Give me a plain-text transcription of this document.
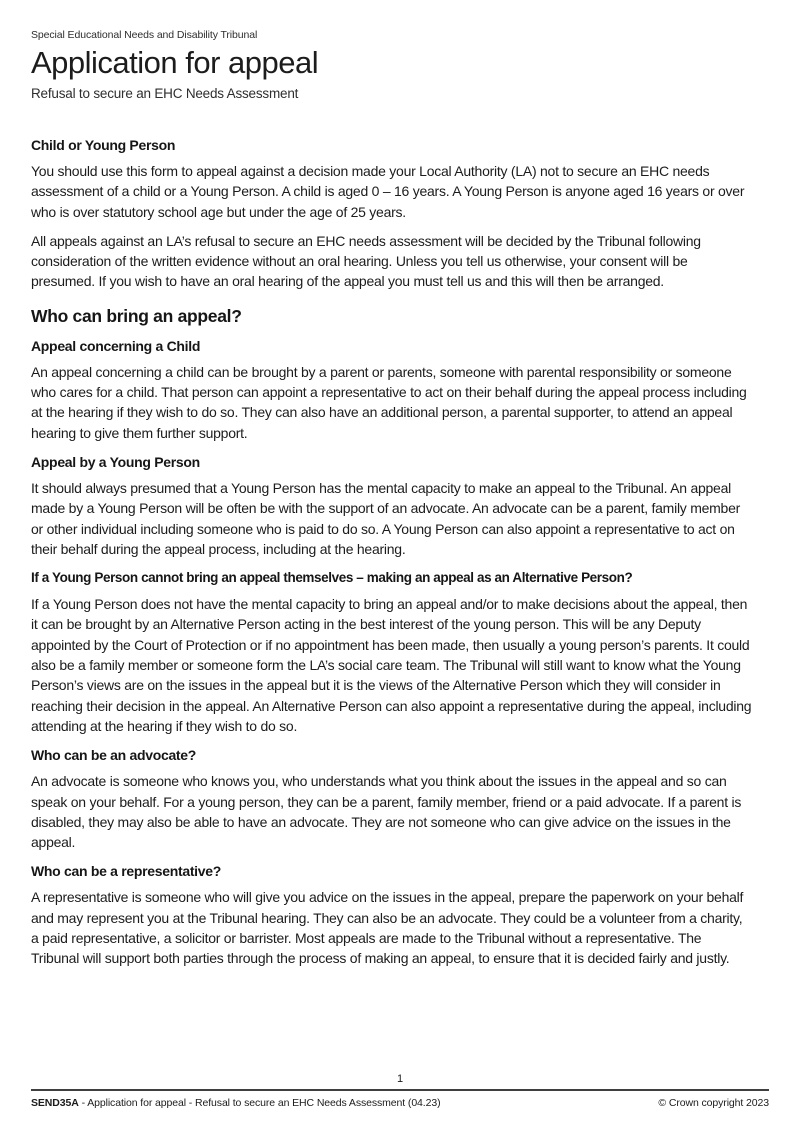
Special Educational Needs and Disability Tribunal

Application for appeal

Refusal to secure an EHC Needs Assessment

Child or Young Person

You should use this form to appeal against a decision made your Local Authority (LA) not to secure an EHC needs assessment of a child or a Young Person. A child is aged 0 – 16 years. A Young Person is anyone aged 16 years or over who is over statutory school age but under the age of 25 years.

All appeals against an LA’s refusal to secure an EHC needs assessment will be decided by the Tribunal following consideration of the written evidence without an oral hearing. Unless you tell us otherwise, your consent will be presumed. If you wish to have an oral hearing of the appeal you must tell us and this will then be arranged.

Who can bring an appeal?
Appeal concerning a Child

An appeal concerning a child can be brought by a parent or parents, someone with parental responsibility or someone who cares for a child. That person can appoint a representative to act on their behalf during the appeal process including at the hearing if they wish to do so. They can also have an additional person, a parental supporter, to attend an appeal hearing to give them further support.

Appeal by a Young Person

It should always presumed that a Young Person has the mental capacity to make an appeal to the Tribunal. An appeal made by a Young Person will be often be with the support of an advocate. An advocate can be a parent, family member or other individual including someone who is paid to do so. A Young Person can also appoint a representative to act on their behalf during the appeal process, including at the hearing.

If a Young Person cannot bring an appeal themselves – making an appeal as an Alternative Person?

If a Young Person does not have the mental capacity to bring an appeal and/or to make decisions about the appeal, then it can be brought by an Alternative Person acting in the best interest of the young person. This will be any Deputy appointed by the Court of Protection or if no appointment has been made, then usually a young person’s parents. It could also be a family member or someone form the LA’s social care team. The Tribunal will still want to know what the Young Person’s views are on the issues in the appeal but it is the views of the Alternative Person which they will consider in reaching their decision in the appeal. An Alternative Person can also appoint a representative during the appeal, including attending at the hearing if they wish to do so.

Who can be an advocate?

An advocate is someone who knows you, who understands what you think about the issues in the appeal and so can speak on your behalf. For a young person, they can be a parent, family member, friend or a paid advocate. If a parent is disabled, they may also be able to have an advocate. They are not someone who can give advice on the issues in the appeal.

Who can be a representative?

A representative is someone who will give you advice on the issues in the appeal, prepare the paperwork on your behalf and may represent you at the Tribunal hearing. They can also be an advocate. They could be a volunteer from a charity, a paid representative, a solicitor or barrister. Most appeals are made to the Tribunal without a representative. The Tribunal will support both parties through the process of making an appeal, to ensure that it is decided fairly and justly.

1
SEND35A - Application for appeal - Refusal to secure an EHC Needs Assessment (04.23)	© Crown copyright 2023
